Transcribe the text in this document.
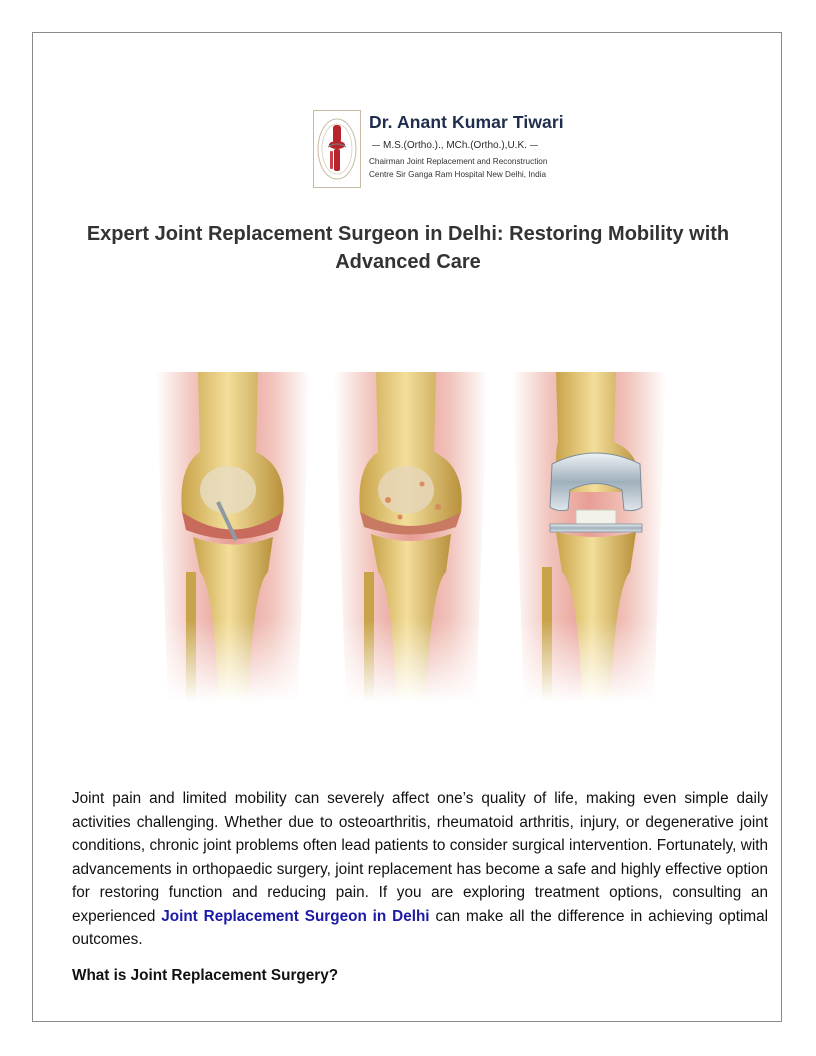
Dr. Anant Kumar Tiwari
M.S.(Ortho.)., MCh.(Ortho.),U.K.
Chairman Joint Replacement and Reconstruction
Centre Sir Ganga Ram Hospital New Delhi, India
Expert Joint Replacement Surgeon in Delhi: Restoring Mobility with Advanced Care

Joint pain and limited mobility can severely affect one’s quality of life, making even simple daily activities challenging. Whether due to osteoarthritis, rheumatoid arthritis, injury, or degenerative joint conditions, chronic joint problems often lead patients to consider surgical intervention. Fortunately, with advancements in orthopaedic surgery, joint replacement has become a safe and highly effective option for restoring function and reducing pain. If you are exploring treatment options, consulting an experienced Joint Replacement Surgeon in Delhi can make all the difference in achieving optimal outcomes.

What is Joint Replacement Surgery?
